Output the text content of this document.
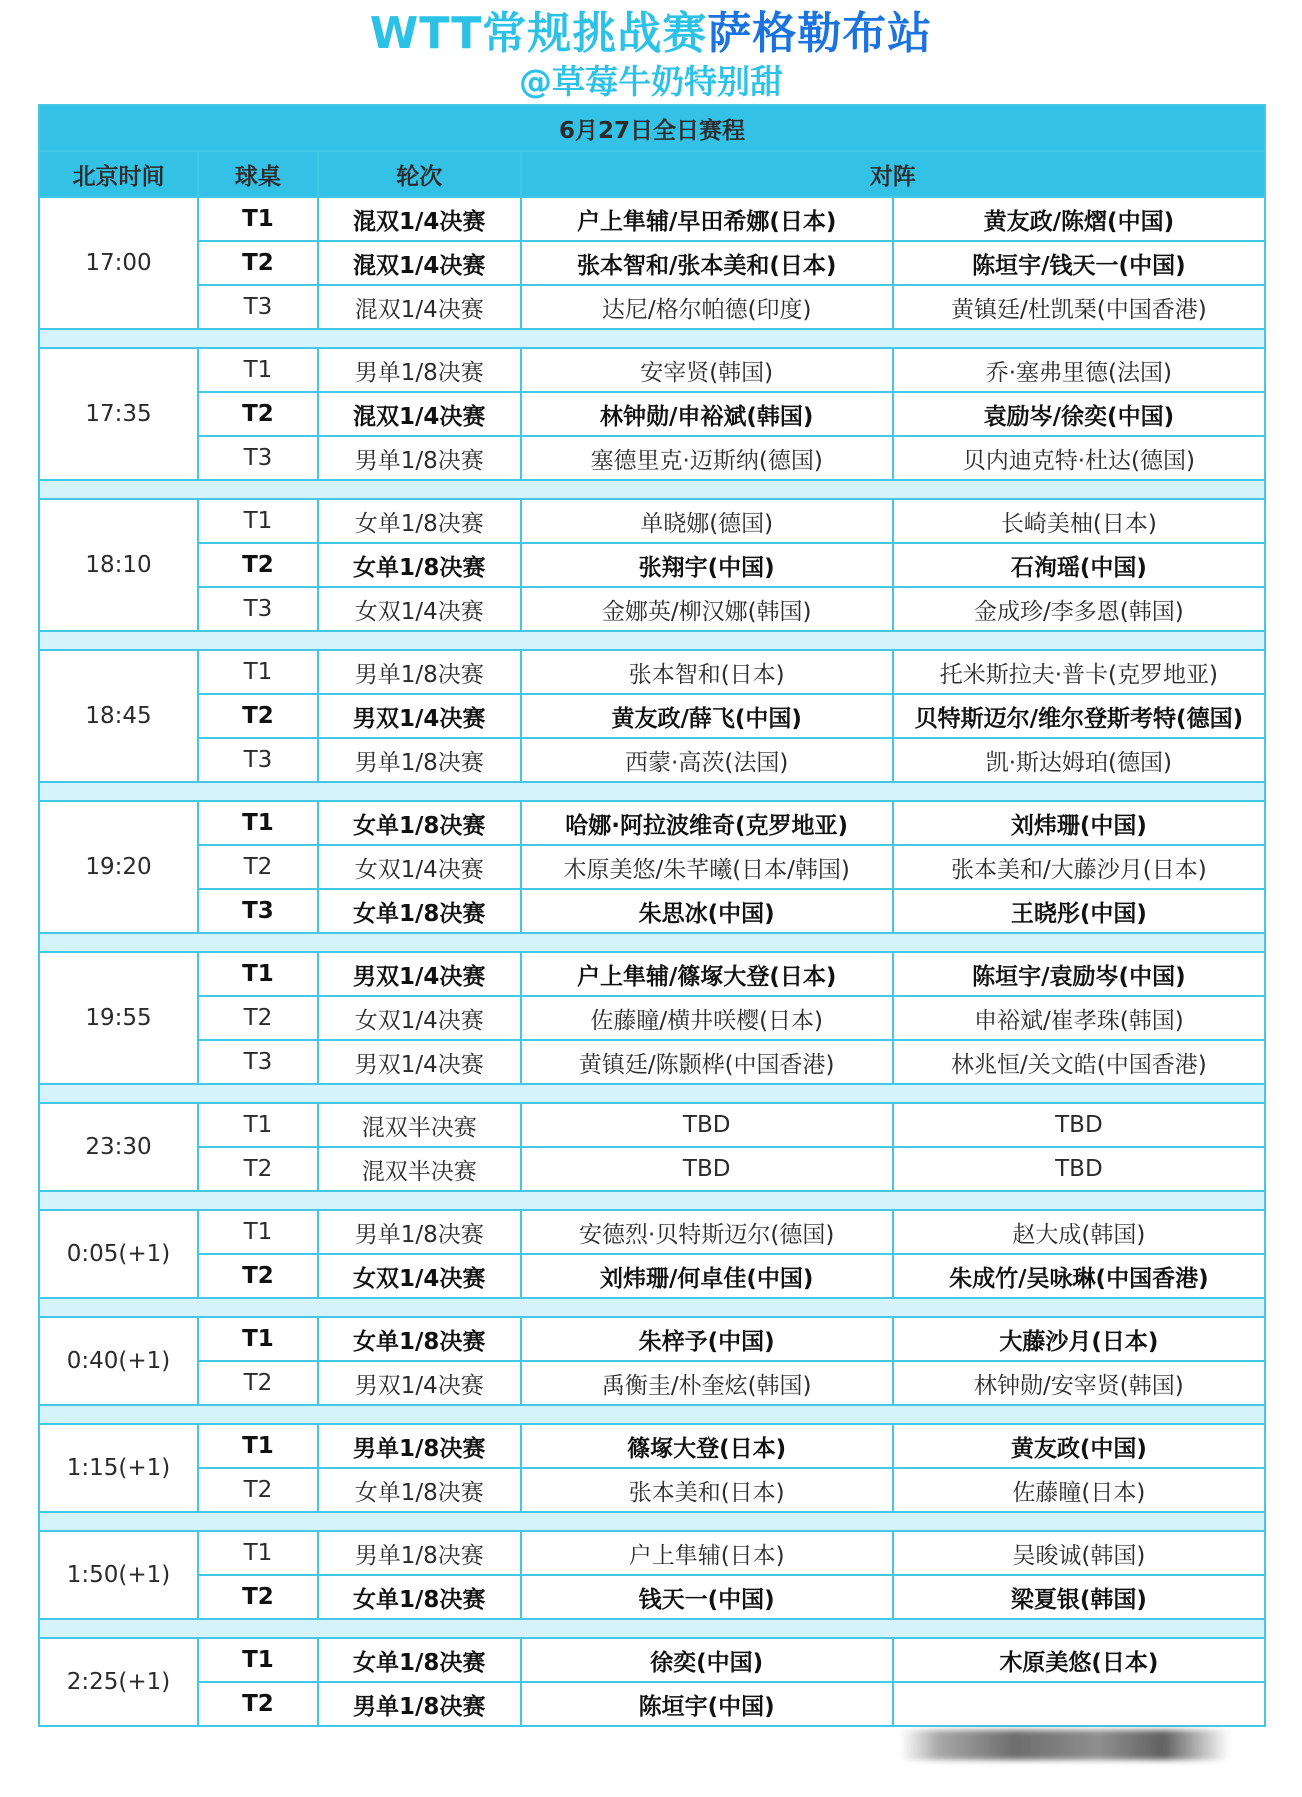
WTT常规挑战赛萨格勒布站
@草莓牛奶特别甜
6月27日全日赛程				
北京时间	球桌	轮次	对阵	
17:00	T1	混双1/4决赛	户上隼辅/早田希娜(日本)	黄友政/陈熠(中国)
	T2	混双1/4决赛	张本智和/张本美和(日本)	陈垣宇/钱天一(中国)
	T3	混双1/4决赛	达尼/格尔帕德(印度)	黄镇廷/杜凯琹(中国香港)

17:35	T1	男单1/8决赛	安宰贤(韩国)	乔·塞弗里德(法国)
	T2	混双1/4决赛	林钟勋/申裕斌(韩国)	袁励岑/徐奕(中国)
	T3	男单1/8决赛	塞德里克·迈斯纳(德国)	贝内迪克特·杜达(德国)

18:10	T1	女单1/8决赛	单晓娜(德国)	长崎美柚(日本)
	T2	女单1/8决赛	张翔宇(中国)	石洵瑶(中国)
	T3	女双1/4决赛	金娜英/柳汉娜(韩国)	金成珍/李多恩(韩国)

18:45	T1	男单1/8决赛	张本智和(日本)	托米斯拉夫·普卡(克罗地亚)
	T2	男双1/4决赛	黄友政/薛飞(中国)	贝特斯迈尔/维尔登斯考特(德国)
	T3	男单1/8决赛	西蒙·高茨(法国)	凯·斯达姆珀(德国)

19:20	T1	女单1/8决赛	哈娜·阿拉波维奇(克罗地亚)	刘炜珊(中国)
	T2	女双1/4决赛	木原美悠/朱芊曦(日本/韩国)	张本美和/大藤沙月(日本)
	T3	女单1/8决赛	朱思冰(中国)	王晓彤(中国)

19:55	T1	男双1/4决赛	户上隼辅/篠塚大登(日本)	陈垣宇/袁励岑(中国)
	T2	女双1/4决赛	佐藤瞳/横井咲樱(日本)	申裕斌/崔孝珠(韩国)
	T3	男双1/4决赛	黄镇廷/陈颢桦(中国香港)	林兆恒/关文皓(中国香港)

23:30	T1	混双半决赛	TBD	TBD
	T2	混双半决赛	TBD	TBD

0:05(+1)	T1	男单1/8决赛	安德烈·贝特斯迈尔(德国)	赵大成(韩国)
	T2	女双1/4决赛	刘炜珊/何卓佳(中国)	朱成竹/吴咏琳(中国香港)

0:40(+1)	T1	女单1/8决赛	朱梓予(中国)	大藤沙月(日本)
	T2	男双1/4决赛	禹衡圭/朴奎炫(韩国)	林钟勋/安宰贤(韩国)

1:15(+1)	T1	男单1/8决赛	篠塚大登(日本)	黄友政(中国)
	T2	女单1/8决赛	张本美和(日本)	佐藤瞳(日本)

1:50(+1)	T1	男单1/8决赛	户上隼辅(日本)	吴晙诚(韩国)
	T2	女单1/8决赛	钱天一(中国)	梁夏银(韩国)

2:25(+1)	T1	女单1/8决赛	徐奕(中国)	木原美悠(日本)
	T2	男单1/8决赛	陈垣宇(中国)	
